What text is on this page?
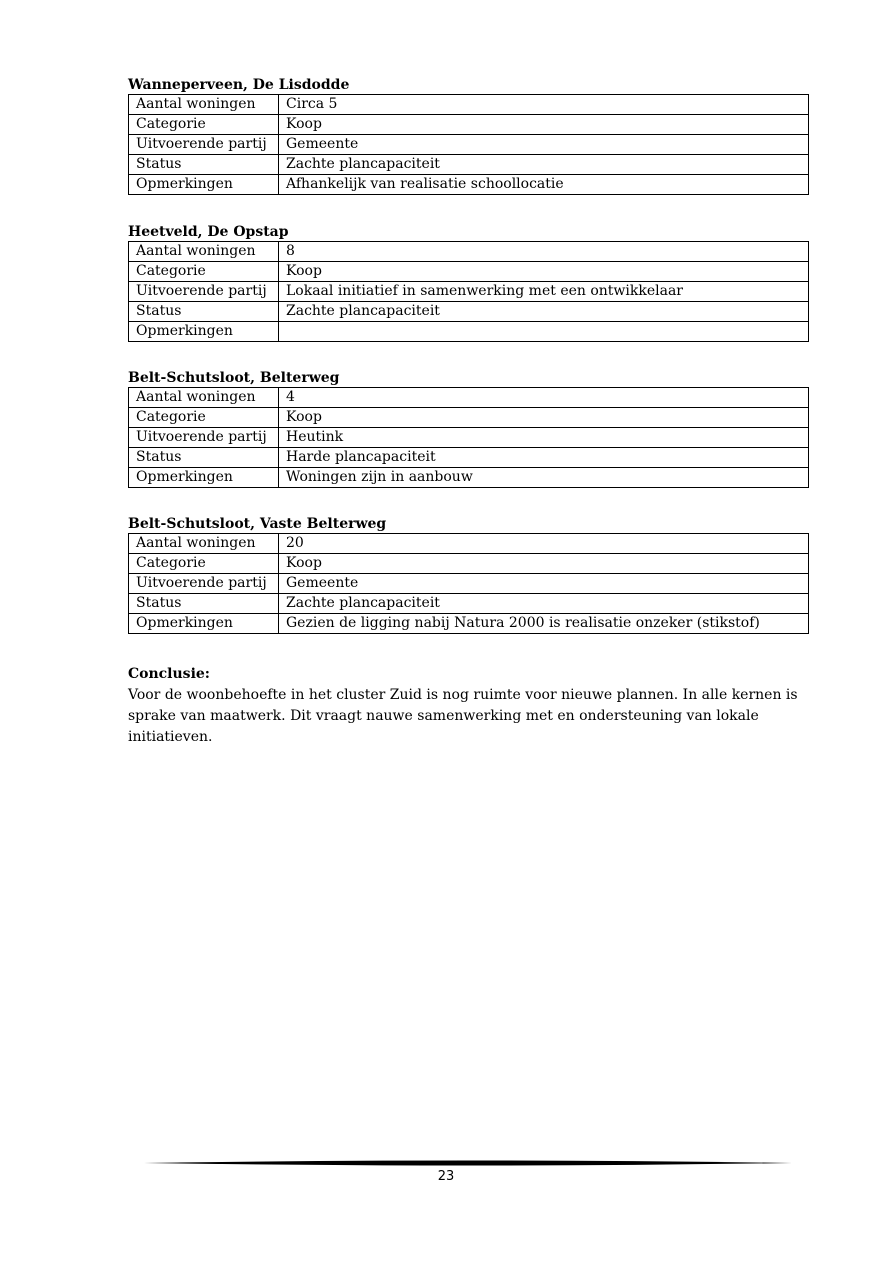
Wanneperveen, De Lisdodde
Aantal woningen	Circa 5
Categorie	Koop
Uitvoerende partij	Gemeente
Status	Zachte plancapaciteit
Opmerkingen	Afhankelijk van realisatie schoollocatie
Heetveld, De Opstap
Aantal woningen	8
Categorie	Koop
Uitvoerende partij	Lokaal initiatief in samenwerking met een ontwikkelaar
Status	Zachte plancapaciteit
Opmerkingen	
Belt-Schutsloot, Belterweg
Aantal woningen	4
Categorie	Koop
Uitvoerende partij	Heutink
Status	Harde plancapaciteit
Opmerkingen	Woningen zijn in aanbouw
Belt-Schutsloot, Vaste Belterweg
Aantal woningen	20
Categorie	Koop
Uitvoerende partij	Gemeente
Status	Zachte plancapaciteit
Opmerkingen	Gezien de ligging nabij Natura 2000 is realisatie onzeker (stikstof)

Conclusie:

Voor de woonbehoefte in het cluster Zuid is nog ruimte voor nieuwe plannen. In alle kernen is sprake van maatwerk. Dit vraagt nauwe samenwerking met en ondersteuning van lokale initiatieven.

23
